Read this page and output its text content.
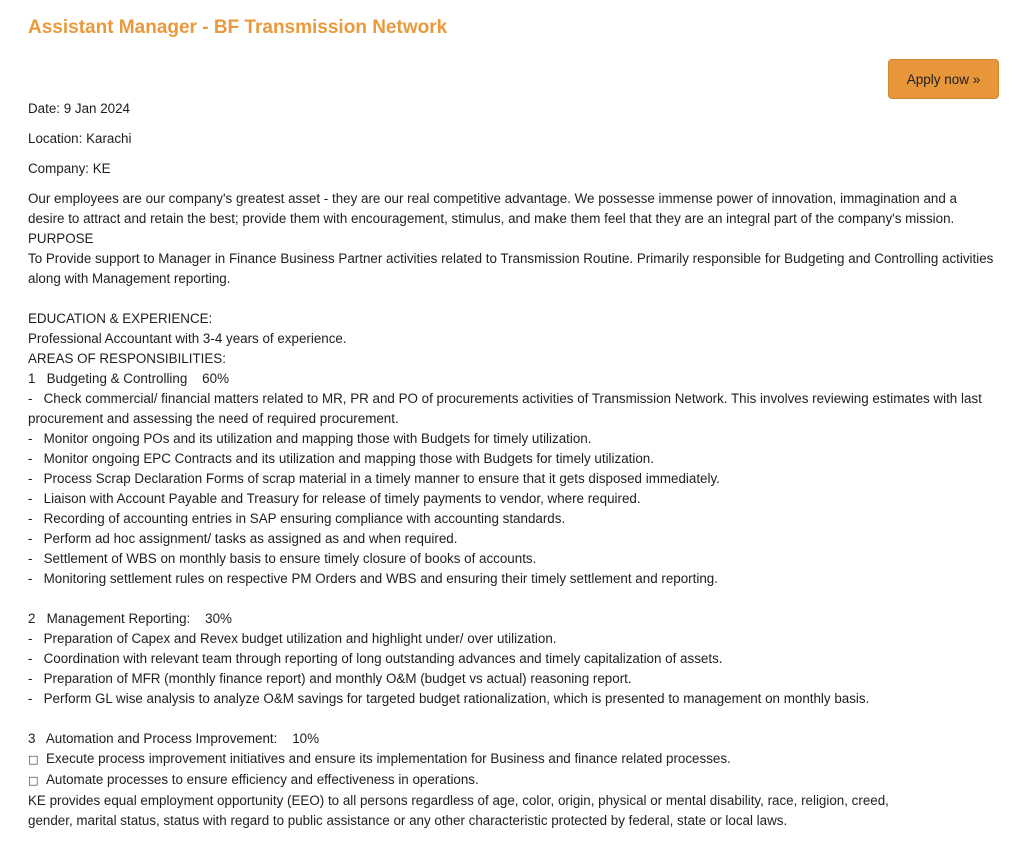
Assistant Manager - BF Transmission Network
Apply now »

Date: 9 Jan 2024

Location: Karachi

Company: KE

Our employees are our company's greatest asset - they are our real competitive advantage. We possesse immense power of innovation, immagination and a desire to attract and retain the best; provide them with encouragement, stimulus, and make them feel that they are an integral part of the company's mission.
PURPOSE
To Provide support to Manager in Finance Business Partner activities related to Transmission Routine. Primarily responsible for Budgeting and Controlling activities along with Management reporting.
EDUCATION & EXPERIENCE:
Professional Accountant with 3-4 years of experience.
AREAS OF RESPONSIBILITIES:
1   Budgeting & Controlling    60%
-   Check commercial/ financial matters related to MR, PR and PO of procurements activities of Transmission Network. This involves reviewing estimates with last procurement and assessing the need of required procurement.
-   Monitor ongoing POs and its utilization and mapping those with Budgets for timely utilization.
-   Monitor ongoing EPC Contracts and its utilization and mapping those with Budgets for timely utilization.
-   Process Scrap Declaration Forms of scrap material in a timely manner to ensure that it gets disposed immediately.
-   Liaison with Account Payable and Treasury for release of timely payments to vendor, where required.
-   Recording of accounting entries in SAP ensuring compliance with accounting standards.
-   Perform ad hoc assignment/ tasks as assigned as and when required.
-   Settlement of WBS on monthly basis to ensure timely closure of books of accounts.
-   Monitoring settlement rules on respective PM Orders and WBS and ensuring their timely settlement and reporting.
2   Management Reporting:    30%
-   Preparation of Capex and Revex budget utilization and highlight under/ over utilization.
-   Coordination with relevant team through reporting of long outstanding advances and timely capitalization of assets.
-   Preparation of MFR (monthly finance report) and monthly O&M (budget vs actual) reasoning report.
-   Perform GL wise analysis to analyze O&M savings for targeted budget rationalization, which is presented to management on monthly basis.
3   Automation and Process Improvement:    10%
□ Execute process improvement initiatives and ensure its implementation for Business and finance related processes.
□ Automate processes to ensure efficiency and effectiveness in operations.
KE provides equal employment opportunity (EEO) to all persons regardless of age, color, origin, physical or mental disability, race, religion, creed,
gender, marital status, status with regard to public assistance or any other characteristic protected by federal, state or local laws.
